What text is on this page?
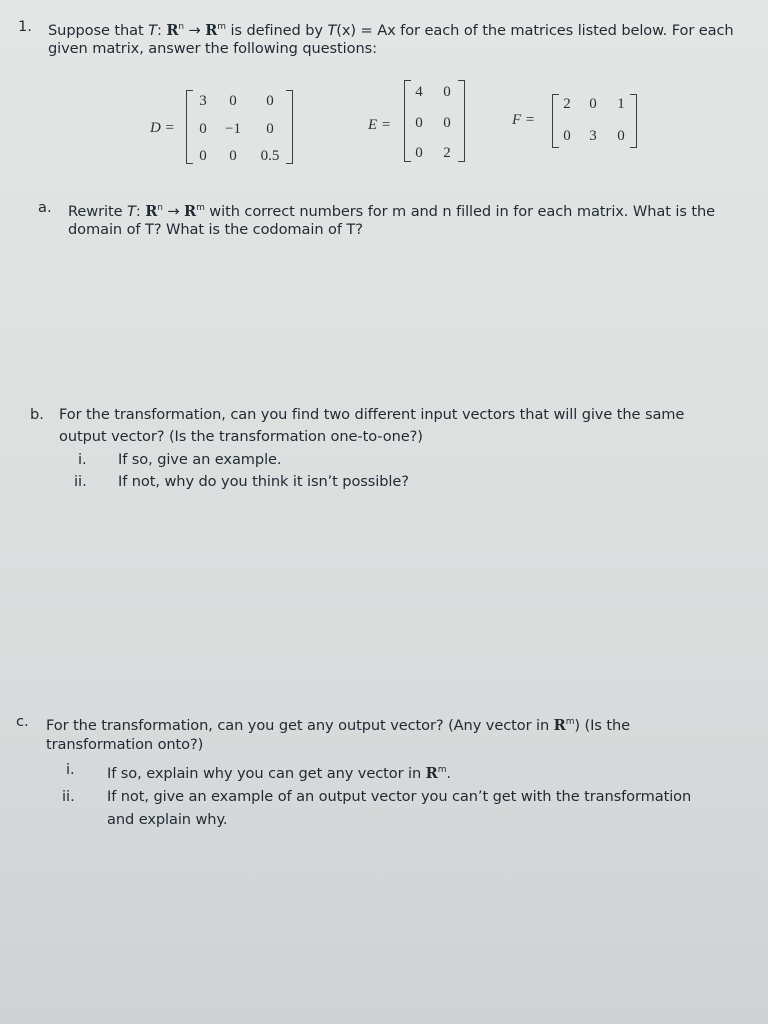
1. Suppose that T: $R^n \to R^m$ is defined by T(x) = Ax for each of the matrices listed below. For each
given matrix, answer the following questions:
D =
3	0	0
0	−1	0
0	0	0.5
E =
4	0
0	0
0	2
F =
2	0	1
0	3	0
a. Rewrite T: $R^n \to R^m$ with correct numbers for m and n filled in for each matrix. What is the
domain of T? What is the codomain of T?
b. For the transformation, can you find two different input vectors that will give the same
output vector? (Is the transformation one-to-one?)
i. If so, give an example.
ii. If not, why do you think it isn’t possible?
c. For the transformation, can you get any output vector? (Any vector in $R^m$) (Is the
transformation onto?)
i. If so, explain why you can get any vector in $R^m$.
ii. If not, give an example of an output vector you can’t get with the transformation
and explain why.
